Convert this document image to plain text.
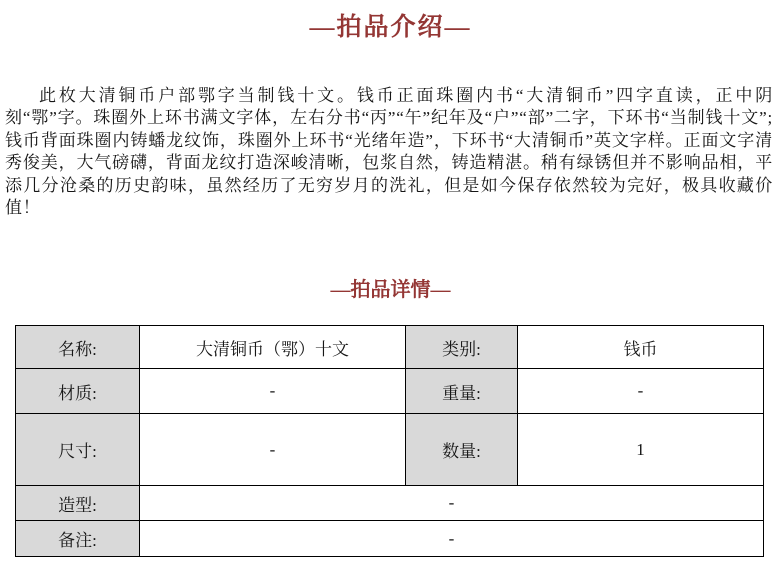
—拍品介绍—

此枚大清铜币户部鄂字当制钱十文。钱币正面珠圈内书“大清铜币”四字直读，正中阴刻“鄂”字。珠圈外上环书满文字体，左右分书“丙”“午”纪年及“户”“部”二字，下环书“当制钱十文”;钱币背面珠圈内铸蟠龙纹饰，珠圈外上环书“光绪年造”，下环书“大清铜币”英文字样。正面文字清秀俊美，大气磅礴，背面龙纹打造深峻清晰，包浆自然，铸造精湛。稍有绿锈但并不影响品相，平添几分沧桑的历史韵味，虽然经历了无穷岁月的洗礼，但是如今保存依然较为完好，极具收藏价值！

—拍品详情—
名称:	大清铜币（鄂）十文	类别:	钱币
材质:	-	重量:	-
尺寸:	-	数量:	1
造型:	-		
备注:	-		
